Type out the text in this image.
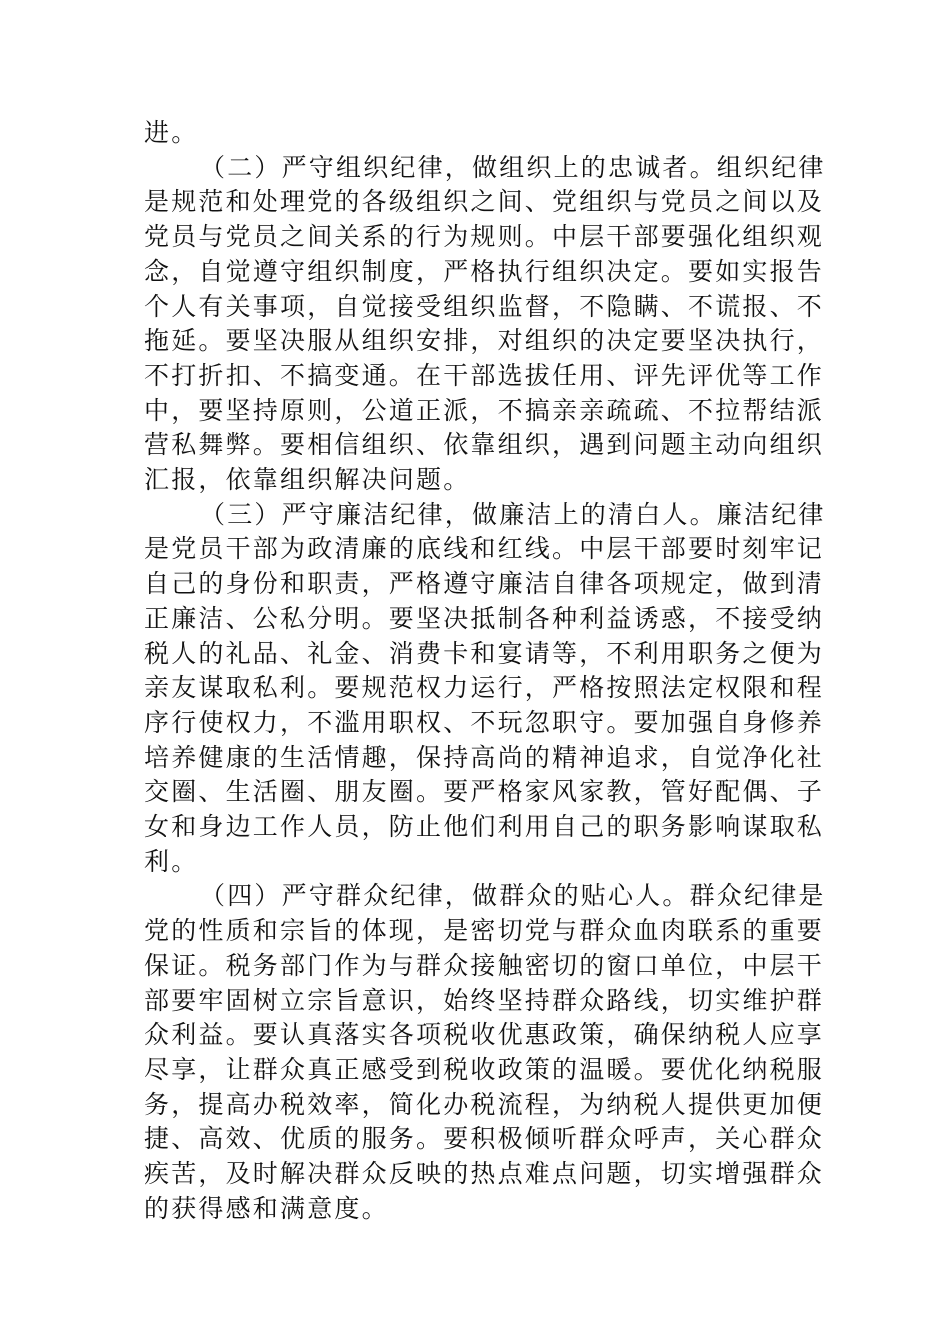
进。

（二）严守组织纪律，做组织上的忠诚者。组织纪律
是规范和处理党的各级组织之间、党组织与党员之间以及
党员与党员之间关系的行为规则。中层干部要强化组织观
念，自觉遵守组织制度，严格执行组织决定。要如实报告
个人有关事项，自觉接受组织监督，不隐瞒、不谎报、不
拖延。要坚决服从组织安排，对组织的决定要坚决执行，
不打折扣、不搞变通。在干部选拔任用、评先评优等工作
中，要坚持原则，公道正派，不搞亲亲疏疏、不拉帮结派
营私舞弊。要相信组织、依靠组织，遇到问题主动向组织
汇报，依靠组织解决问题。

（三）严守廉洁纪律，做廉洁上的清白人。廉洁纪律
是党员干部为政清廉的底线和红线。中层干部要时刻牢记
自己的身份和职责，严格遵守廉洁自律各项规定，做到清
正廉洁、公私分明。要坚决抵制各种利益诱惑，不接受纳
税人的礼品、礼金、消费卡和宴请等，不利用职务之便为
亲友谋取私利。要规范权力运行，严格按照法定权限和程
序行使权力，不滥用职权、不玩忽职守。要加强自身修养
培养健康的生活情趣，保持高尚的精神追求，自觉净化社
交圈、生活圈、朋友圈。要严格家风家教，管好配偶、子
女和身边工作人员，防止他们利用自己的职务影响谋取私
利。

（四）严守群众纪律，做群众的贴心人。群众纪律是
党的性质和宗旨的体现，是密切党与群众血肉联系的重要
保证。税务部门作为与群众接触密切的窗口单位，中层干
部要牢固树立宗旨意识，始终坚持群众路线，切实维护群
众利益。要认真落实各项税收优惠政策，确保纳税人应享
尽享，让群众真正感受到税收政策的温暖。要优化纳税服
务，提高办税效率，简化办税流程，为纳税人提供更加便
捷、高效、优质的服务。要积极倾听群众呼声，关心群众
疾苦，及时解决群众反映的热点难点问题，切实增强群众
的获得感和满意度。
